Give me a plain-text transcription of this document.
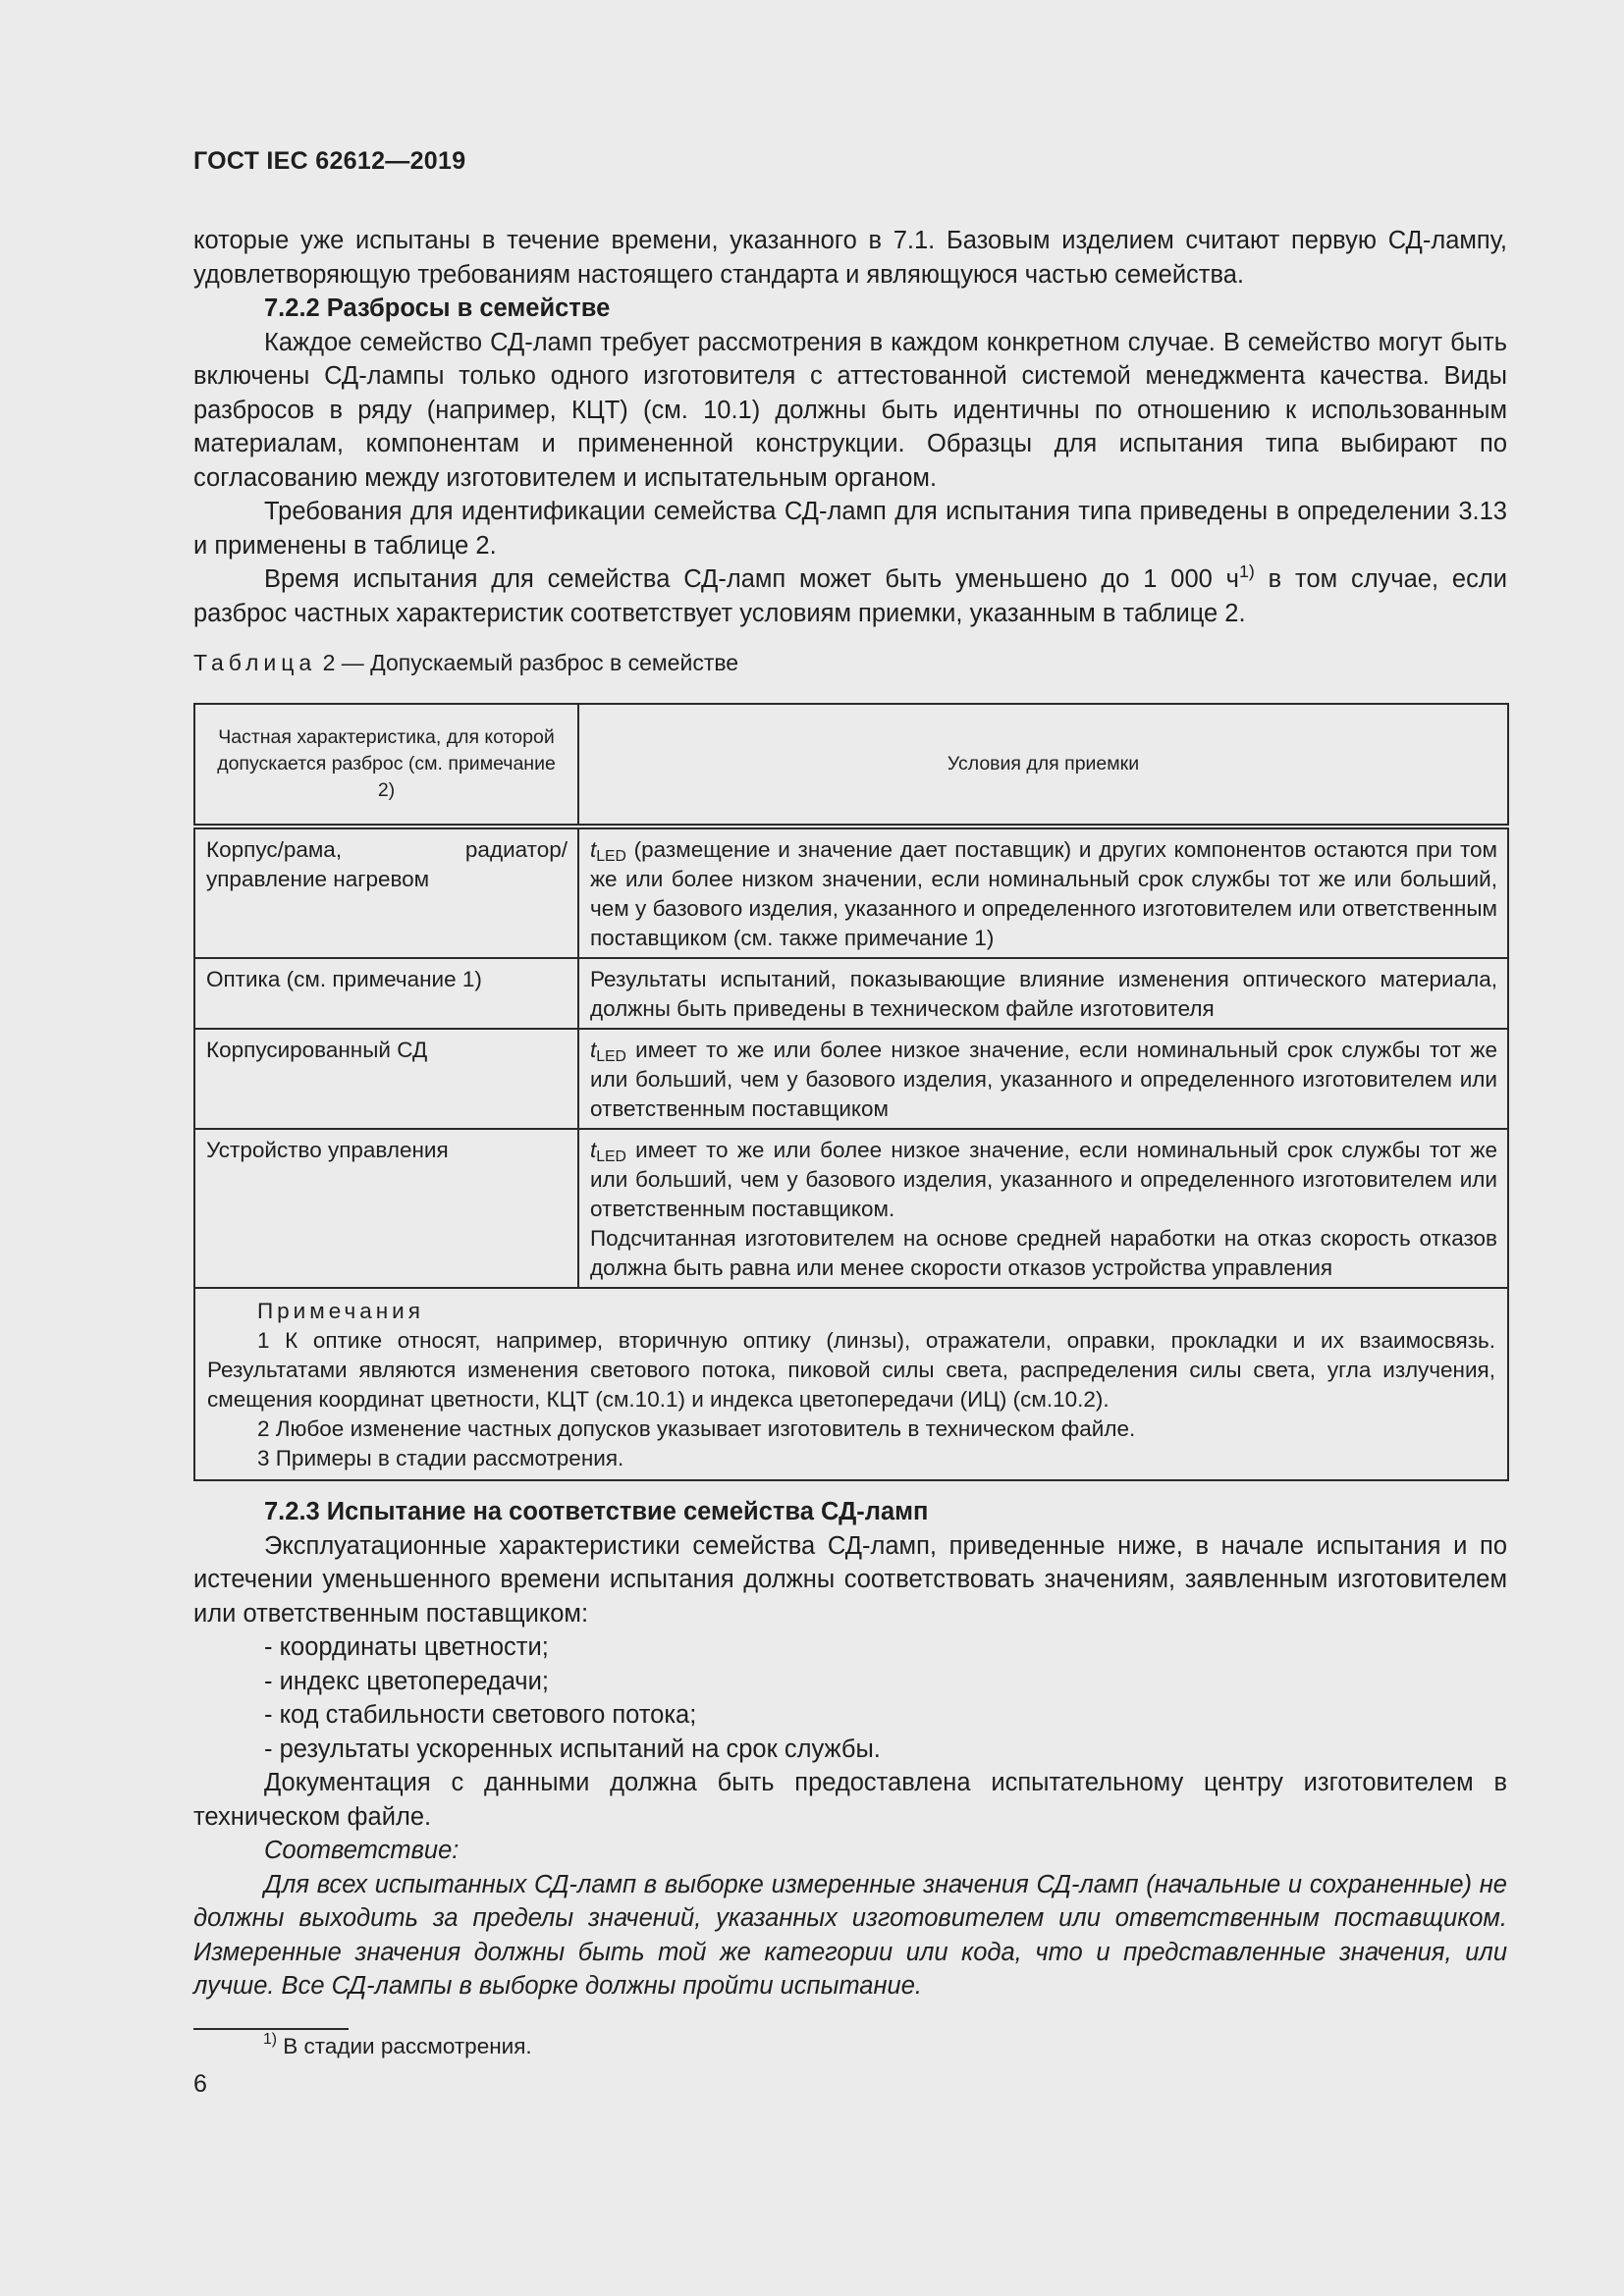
ГОСТ IEC 62612—2019

которые уже испытаны в течение времени, указанного в 7.1. Базовым изделием считают первую СД-лампу, удовлетворяющую требованиям настоящего стандарта и являющуюся частью семейства.

7.2.2 Разбросы в семействе

Каждое семейство СД-ламп требует рассмотрения в каждом конкретном случае. В семейство могут быть включены СД-лампы только одного изготовителя с аттестованной системой менеджмента качества. Виды разбросов в ряду (например, КЦТ) (см. 10.1) должны быть идентичны по отношению к использованным материалам, компонентам и примененной конструкции. Образцы для испытания типа выбирают по согласованию между изготовителем и испытательным органом.

Требования для идентификации семейства СД-ламп для испытания типа приведены в определении 3.13 и применены в таблице 2.

Время испытания для семейства СД-ламп может быть уменьшено до 1 000 $ч^{1)}$ в том случае, если разброс частных характеристик соответствует условиям приемки, указанным в таблице 2.

Таблица 2 — Допускаемый разброс в семействе
Частная характеристика, для которой допускается разброс (см. примечание 2)	Условия для приемки
Корпус/рама, радиатор/управление нагревом	$t_{LED}$ (размещение и значение дает поставщик) и других компонентов остаются при том же или более низком значении, если номинальный срок службы тот же или больший, чем у базового изделия, указанного и определенного изготовителем или ответственным поставщиком (см. также примечание 1)
Оптика (см. примечание 1)	Результаты испытаний, показывающие влияние изменения оптического материала, должны быть приведены в техническом файле изготовителя
Корпусированный СД	$t_{LED}$ имеет то же или более низкое значение, если номинальный срок службы тот же или больший, чем у базового изделия, указанного и определенного изготовителем или ответственным поставщиком
Устройство управления	$t_{LED}$ имеет то же или более низкое значение, если номинальный срок службы тот же или больший, чем у базового изделия, указанного и определенного изготовителем или ответственным поставщиком.
Подсчитанная изготовителем на основе средней наработки на отказ скорость отказов должна быть равна или менее скорости отказов устройства управления

Примечания

1 К оптике относят, например, вторичную оптику (линзы), отражатели, оправки, прокладки и их взаимосвязь. Результатами являются изменения светового потока, пиковой силы света, распределения силы света, угла излучения, смещения координат цветности, КЦТ (см.10.1) и индекса цветопередачи (ИЦ) (см.10.2).

2 Любое изменение частных допусков указывает изготовитель в техническом файле.

3 Примеры в стадии рассмотрения.	

7.2.3 Испытание на соответствие семейства СД-ламп

Эксплуатационные характеристики семейства СД-ламп, приведенные ниже, в начале испытания и по истечении уменьшенного времени испытания должны соответствовать значениям, заявленным изготовителем или ответственным поставщиком:

- координаты цветности;

- индекс цветопередачи;

- код стабильности светового потока;

- результаты ускоренных испытаний на срок службы.

Документация с данными должна быть предоставлена испытательному центру изготовителем в техническом файле.

Соответствие:

Для всех испытанных СД-ламп в выборке измеренные значения СД-ламп (начальные и сохраненные) не должны выходить за пределы значений, указанных изготовителем или ответственным поставщиком. Измеренные значения должны быть той же категории или кода, что и представленные значения, или лучше. Все СД-лампы в выборке должны пройти испытание.

$^{1)}$ В стадии рассмотрения.
6
